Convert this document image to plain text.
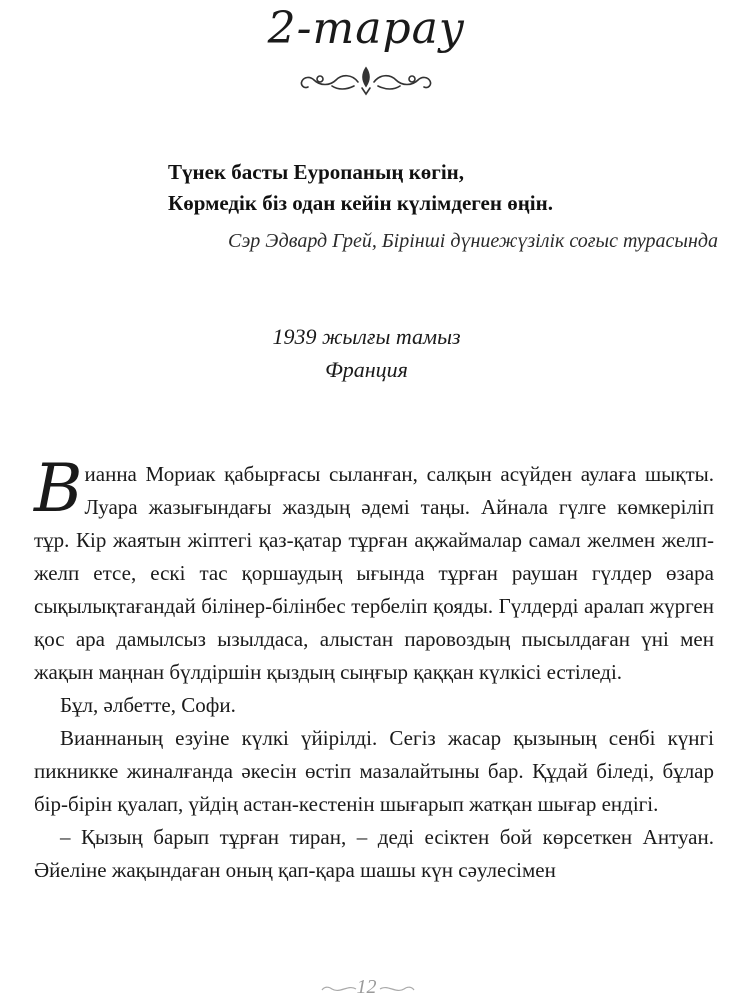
2-тарау
Түнек басты Еуропаның көгін,
Көрмедік біз одан кейін күлімдеген өңін.
Сэр Эдвард Грей, Бірінші дүниежүзілік соғыс турасында
1939 жылғы тамыз
Франция

Вианна Мориак қабырғасы сыланған, салқын асүйден аулаға шықты. Луара жазығындағы жаздың әдемі таңы. Айнала гүлге көмкеріліп тұр. Кір жаятын жіптегі қаз-қатар тұрған ақжаймалар самал желмен желп-желп етсе, ескі тас қоршаудың ығында тұрған раушан гүлдер өзара сықылықтағандай білінер-білінбес тербеліп қояды. Гүлдерді аралап жүрген қос ара дамылсыз ызылдаса, алыстан паровоздың пысылдаған үні мен жақын маңнан бүлдіршін қыздың сыңғыр қаққан күлкісі естіледі.

Бұл, әлбетте, Софи.

Вианнаның езуіне күлкі үйірілді. Сегіз жасар қызының сенбі күнгі пикникке жиналғанда әкесін өстіп мазалайтыны бар. Құдай біледі, бұлар бір-бірін қуалап, үйдің астан-кестенін шығарып жатқан шығар ендігі.

– Қызың барып тұрған тиран, – деді есіктен бой көрсеткен Антуан. Әйеліне жақындаған оның қап-қара шашы күн сәулесімен

12
